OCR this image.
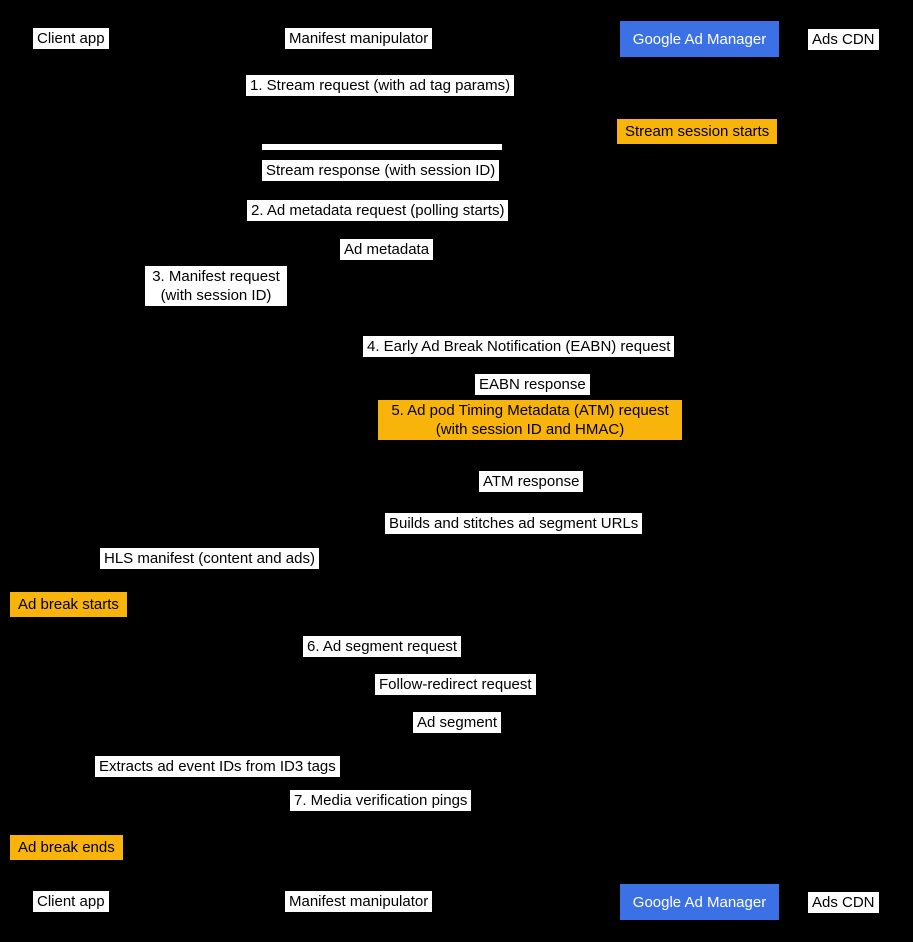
Client app	Manifest manipulator	Google Ad Manager	Ads CDN
Client app	Manifest manipulator	Google Ad Manager	Ads CDN
1. Stream request (with ad tag params)
Stream session starts
Stream response (with session ID)
2. Ad metadata request (polling starts)
Ad metadata
3. Manifest request
(with session ID)
4. Early Ad Break Notification (EABN) request
EABN response
5. Ad pod Timing Metadata (ATM) request
(with session ID and HMAC)
ATM response
Builds and stitches ad segment URLs
HLS manifest (content and ads)
Ad break starts
6. Ad segment request
Follow-redirect request
Ad segment
Extracts ad event IDs from ID3 tags
7. Media verification pings
Ad break ends
